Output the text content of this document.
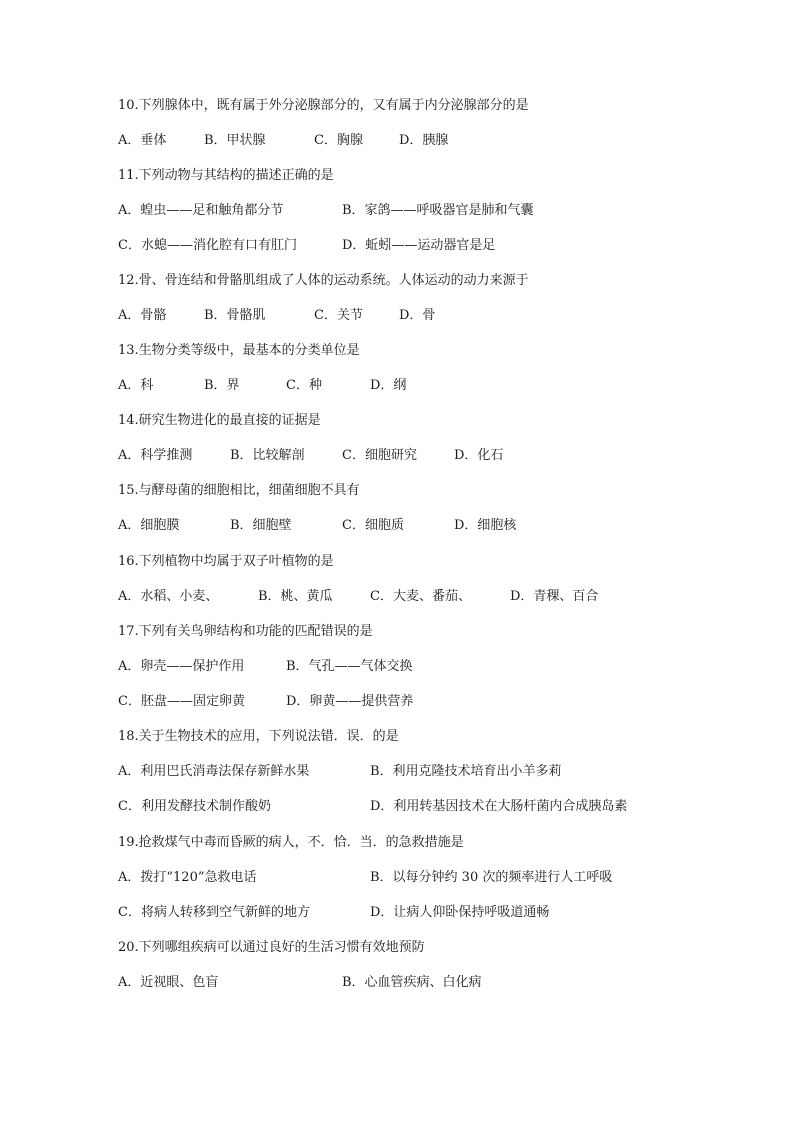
10.下列腺体中，既有属于外分泌腺部分的，又有属于内分泌腺部分的是
A．垂体	B．甲状腺	C．胸腺	D．胰腺
11.下列动物与其结构的描述正确的是
A．蝗虫——足和触角都分节	B．家鸽——呼吸器官是肺和气囊
C．水螅——消化腔有口有肛门	D．蚯蚓——运动器官是足
12.骨、骨连结和骨骼肌组成了人体的运动系统。人体运动的动力来源于
A．骨骼	B．骨骼肌	C．关节	D．骨
13.生物分类等级中，最基本的分类单位是
A．科	B．界	C．种	D．纲
14.研究生物进化的最直接的证据是
A．科学推测	B．比较解剖	C．细胞研究	D．化石
15.与酵母菌的细胞相比，细菌细胞不具有
A．细胞膜	B．细胞壁	C．细胞质	D．细胞核
16.下列植物中均属于双子叶植物的是
A．水稻、小麦、	B．桃、黄瓜	C．大麦、番茄、	D．青稞、百合
17.下列有关鸟卵结构和功能的匹配错误的是
A．卵壳——保护作用	B．气孔——气体交换
C．胚盘——固定卵黄	D．卵黄——提供营养
18.关于生物技术的应用，下列说法错．误．的是
A．利用巴氏消毒法保存新鲜水果	B．利用克隆技术培育出小羊多莉
C．利用发酵技术制作酸奶	D．利用转基因技术在大肠杆菌内合成胰岛素
19.抢救煤气中毒而昏厥的病人，不．恰．当．的急救措施是
A．拨打“120”急救电话	B．以每分钟约 30 次的频率进行人工呼吸
C．将病人转移到空气新鲜的地方	D．让病人仰卧保持呼吸道通畅
20.下列哪组疾病可以通过良好的生活习惯有效地预防
A．近视眼、色盲	B．心血管疾病、白化病
